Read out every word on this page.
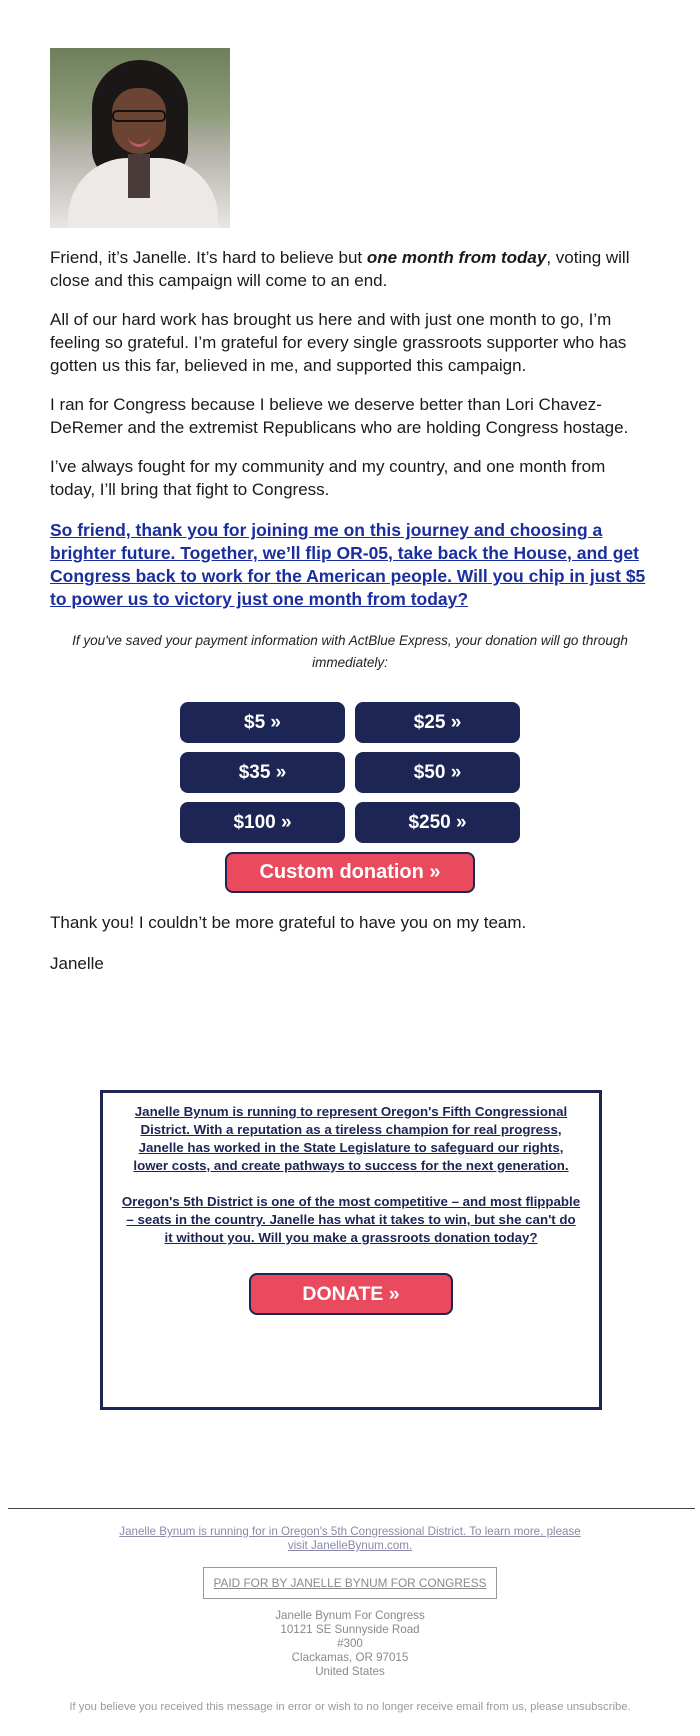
Friend, it’s Janelle. It’s hard to believe but one month from today, voting will close and this campaign will come to an end.

All of our hard work has brought us here and with just one month to go, I’m feeling so grateful. I’m grateful for every single grassroots supporter who has gotten us this far, believed in me, and supported this campaign.

I ran for Congress because I believe we deserve better than Lori Chavez-DeRemer and the extremist Republicans who are holding Congress hostage.

I’ve always fought for my community and my country, and one month from today, I’ll bring that fight to Congress.

So friend, thank you for joining me on this journey and choosing a brighter future. Together, we’ll flip OR-05, take back the House, and get Congress back to work for the American people. Will you chip in just $5 to power us to victory just one month from today?
If you've saved your payment information with ActBlue Express, your donation will go through immediately:
$5 »	$25 »
$35 »	$50 »
$100 »	$250 »
Custom donation »

Thank you! I couldn’t be more grateful to have you on my team.

Janelle

Janelle Bynum is running to represent Oregon's Fifth Congressional District. With a reputation as a tireless champion for real progress, Janelle has worked in the State Legislature to safeguard our rights, lower costs, and create pathways to success for the next generation.
Oregon's 5th District is one of the most competitive – and most flippable – seats in the country. Janelle has what it takes to win, but she can't do it without you. Will you make a grassroots donation today?
DONATE »
Janelle Bynum is running for in Oregon's 5th Congressional District. To learn more, please visit JanelleBynum.com.
PAID FOR BY JANELLE BYNUM FOR CONGRESS
Janelle Bynum For Congress
10121 SE Sunnyside Road
#300
Clackamas, OR 97015
United States
If you believe you received this message in error or wish to no longer receive email from us, please unsubscribe.
